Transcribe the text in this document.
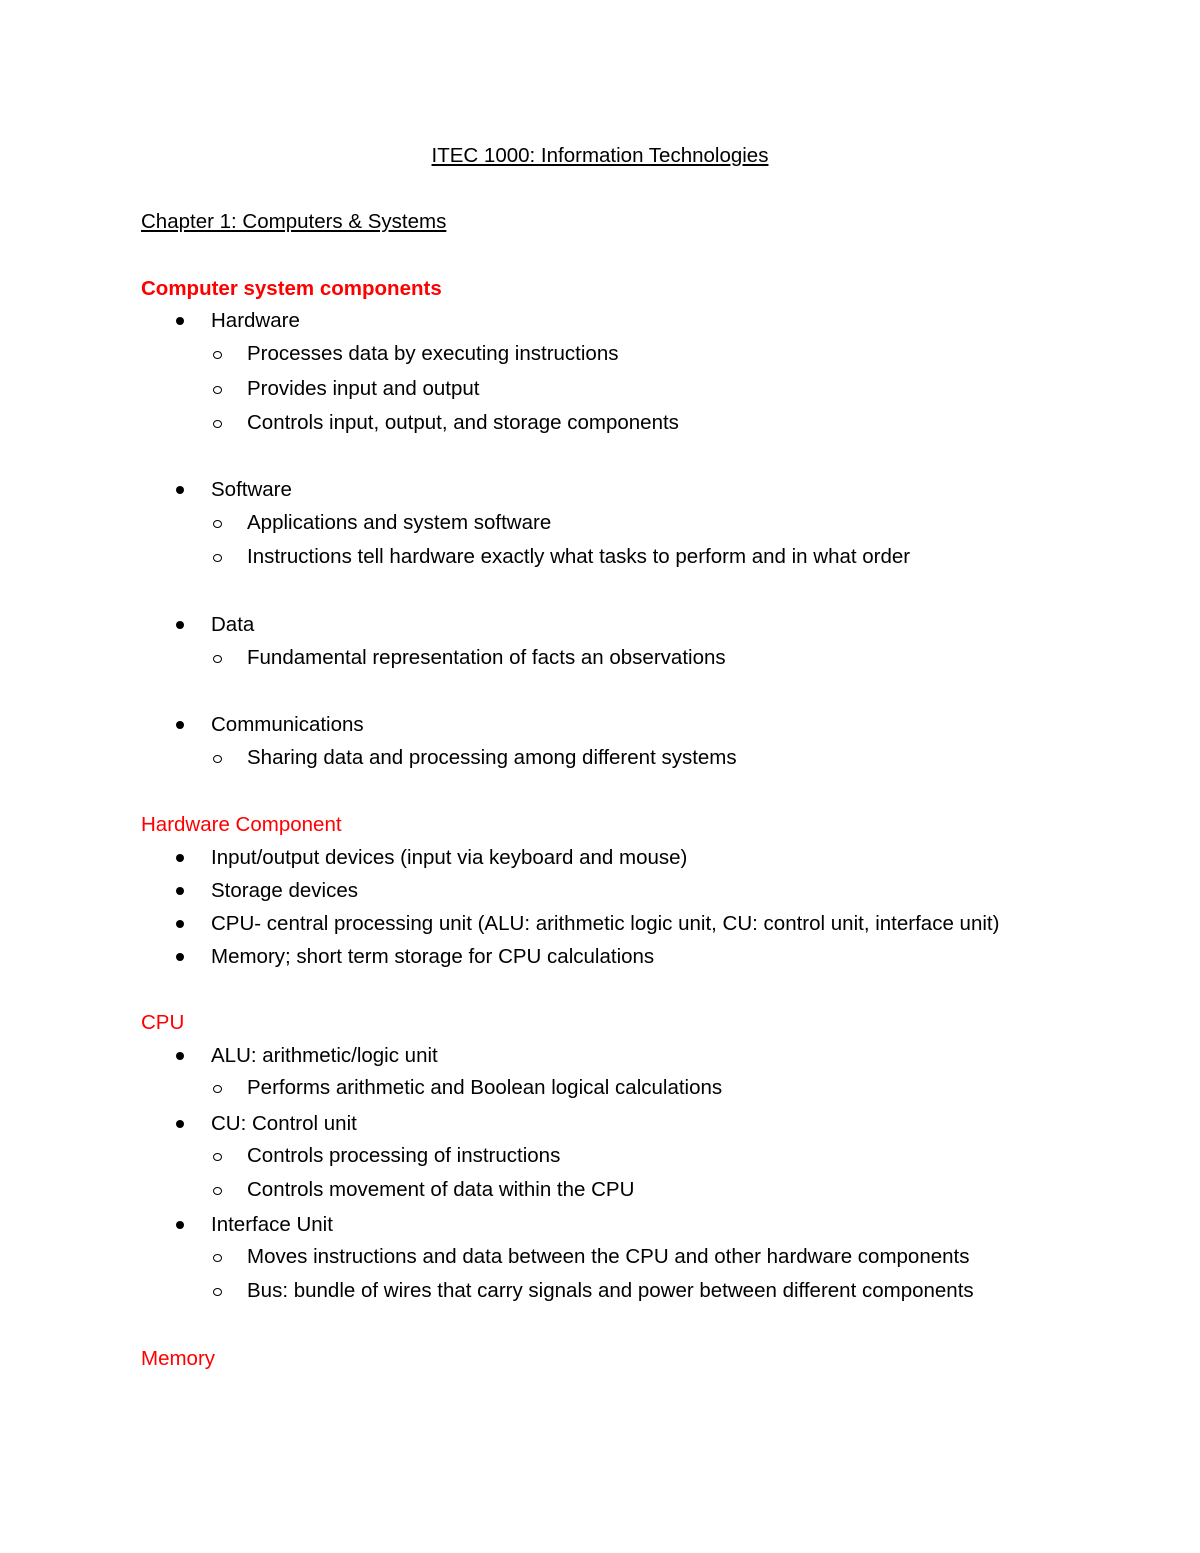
ITEC 1000: Information Technologies
Chapter 1: Computers & Systems
Computer system components
Hardware
Processes data by executing instructions
Provides input and output
Controls input, output, and storage components
Software
Applications and system software
Instructions tell hardware exactly what tasks to perform and in what order
Data
Fundamental representation of facts an observations
Communications
Sharing data and processing among different systems
Hardware Component
Input/output devices (input via keyboard and mouse)
Storage devices
CPU- central processing unit (ALU: arithmetic logic unit, CU: control unit, interface unit)
Memory; short term storage for CPU calculations
CPU
ALU: arithmetic/logic unit
Performs arithmetic and Boolean logical calculations
CU: Control unit
Controls processing of instructions
Controls movement of data within the CPU
Interface Unit
Moves instructions and data between the CPU and other hardware components
Bus: bundle of wires that carry signals and power between different components
Memory
